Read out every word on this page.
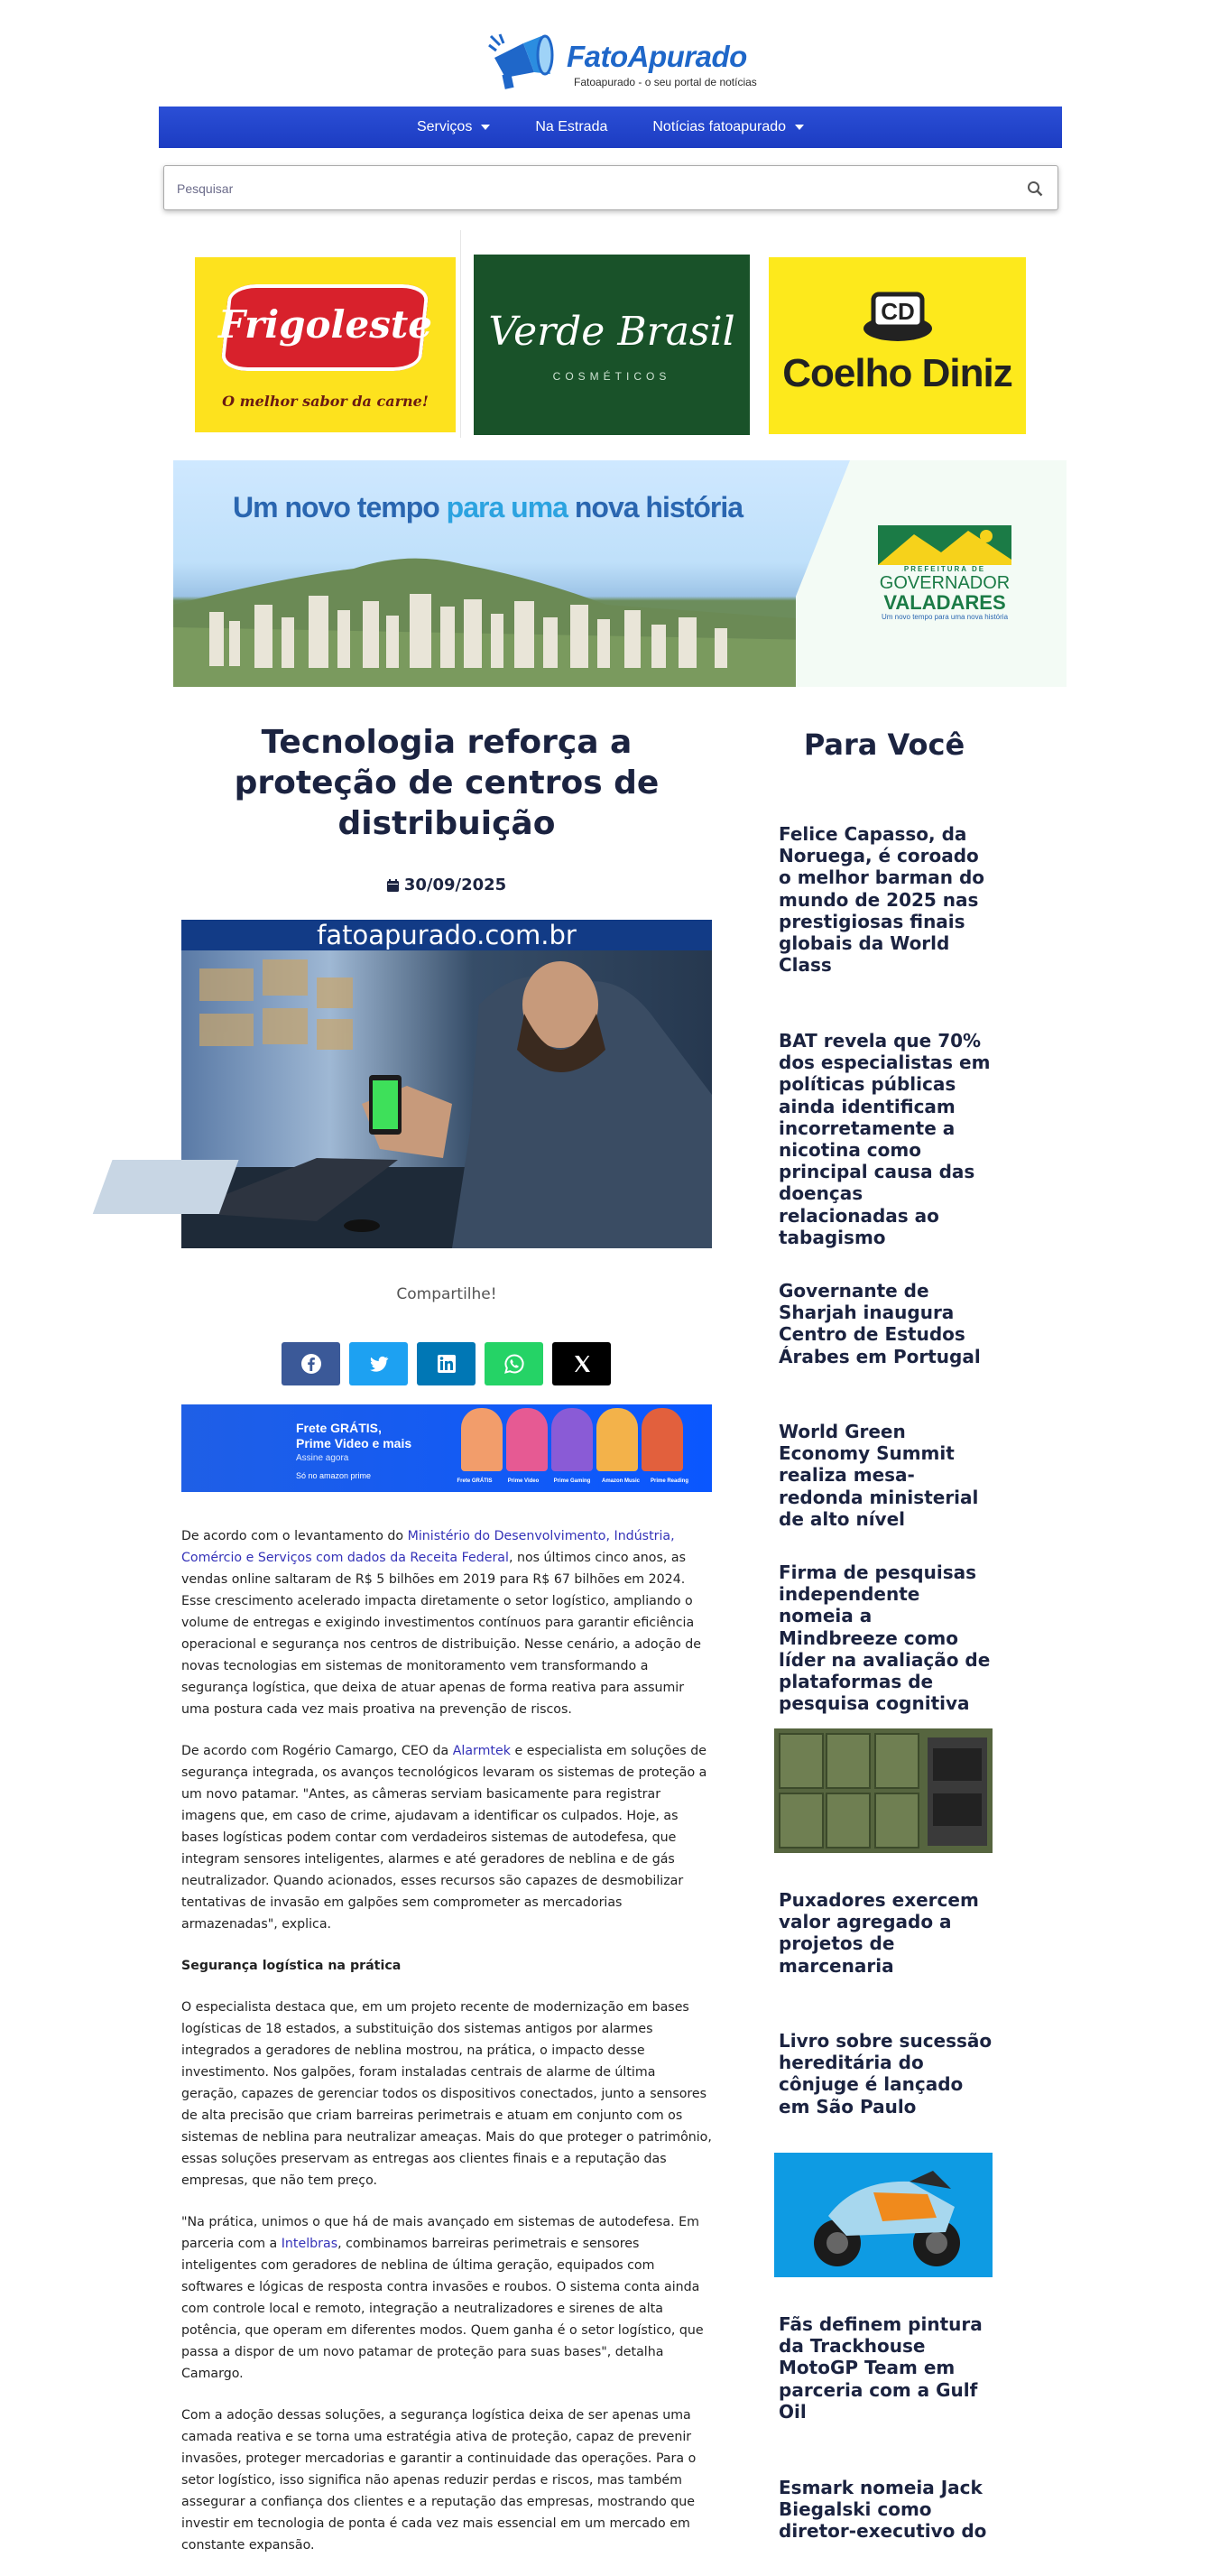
FatoApurado
Fatoapurado - o seu portal de notícias
Serviços	Na Estrada	Notícias fatoapurado
Pesquisar
Frigoleste
O melhor sabor da carne!
Verde Brasil
COSMÉTICOS
CD
Coelho Diniz
Um novo tempo para uma nova história
PREFEITURA DE
GOVERNADOR
VALADARES
Um novo tempo para uma nova história
Tecnologia reforça a proteção de centros de distribuição
30/09/2025
fatoapurado.com.br
Compartilhe!
Frete GRÁTIS,
Prime Video e mais
Assine agora
Só no amazon prime
Frete GRÁTIS	Prime Video	Prime Gaming	Amazon Music	Prime Reading

De acordo com o levantamento do Ministério do Desenvolvimento, Indústria, Comércio e Serviços com dados da Receita Federal, nos últimos cinco anos, as vendas online saltaram de R$ 5 bilhões em 2019 para R$ 67 bilhões em 2024. Esse crescimento acelerado impacta diretamente o setor logístico, ampliando o volume de entregas e exigindo investimentos contínuos para garantir eficiência operacional e segurança nos centros de distribuição. Nesse cenário, a adoção de novas tecnologias em sistemas de monitoramento vem transformando a segurança logística, que deixa de atuar apenas de forma reativa para assumir uma postura cada vez mais proativa na prevenção de riscos.

De acordo com Rogério Camargo, CEO da Alarmtek e especialista em soluções de segurança integrada, os avanços tecnológicos levaram os sistemas de proteção a um novo patamar. "Antes, as câmeras serviam basicamente para registrar imagens que, em caso de crime, ajudavam a identificar os culpados. Hoje, as bases logísticas podem contar com verdadeiros sistemas de autodefesa, que integram sensores inteligentes, alarmes e até geradores de neblina e de gás neutralizador. Quando acionados, esses recursos são capazes de desmobilizar tentativas de invasão em galpões sem comprometer as mercadorias armazenadas", explica.

Segurança logística na prática

O especialista destaca que, em um projeto recente de modernização em bases logísticas de 18 estados, a substituição dos sistemas antigos por alarmes integrados a geradores de neblina mostrou, na prática, o impacto desse investimento. Nos galpões, foram instaladas centrais de alarme de última geração, capazes de gerenciar todos os dispositivos conectados, junto a sensores de alta precisão que criam barreiras perimetrais e atuam em conjunto com os sistemas de neblina para neutralizar ameaças. Mais do que proteger o patrimônio, essas soluções preservam as entregas aos clientes finais e a reputação das empresas, que não tem preço.

"Na prática, unimos o que há de mais avançado em sistemas de autodefesa. Em parceria com a Intelbras, combinamos barreiras perimetrais e sensores inteligentes com geradores de neblina de última geração, equipados com softwares e lógicas de resposta contra invasões e roubos. O sistema conta ainda com controle local e remoto, integração a neutralizadores e sirenes de alta potência, que operam em diferentes modos. Quem ganha é o setor logístico, que passa a dispor de um novo patamar de proteção para suas bases", detalha Camargo.

Com a adoção dessas soluções, a segurança logística deixa de ser apenas uma camada reativa e se torna uma estratégia ativa de proteção, capaz de prevenir invasões, proteger mercadorias e garantir a continuidade das operações. Para o setor logístico, isso significa não apenas reduzir perdas e riscos, mas também assegurar a confiança dos clientes e a reputação das empresas, mostrando que investir em tecnologia de ponta é cada vez mais essencial em um mercado em constante expansão.

Para Você
Felice Capasso, da Noruega, é coroado o melhor barman do mundo de 2025 nas prestigiosas finais globais da World Class
BAT revela que 70% dos especialistas em políticas públicas ainda identificam incorretamente a nicotina como principal causa das doenças relacionadas ao tabagismo
Governante de Sharjah inaugura Centro de Estudos Árabes em Portugal
World Green Economy Summit realiza mesa-redonda ministerial de alto nível
Firma de pesquisas independente nomeia a Mindbreeze como líder na avaliação de plataformas de pesquisa cognitiva
Puxadores exercem valor agregado a projetos de marcenaria
Livro sobre sucessão hereditária do cônjuge é lançado em São Paulo
Fãs definem pintura da Trackhouse MotoGP Team em parceria com a Gulf Oil
Esmark nomeia Jack Biegalski como diretor-executivo do
